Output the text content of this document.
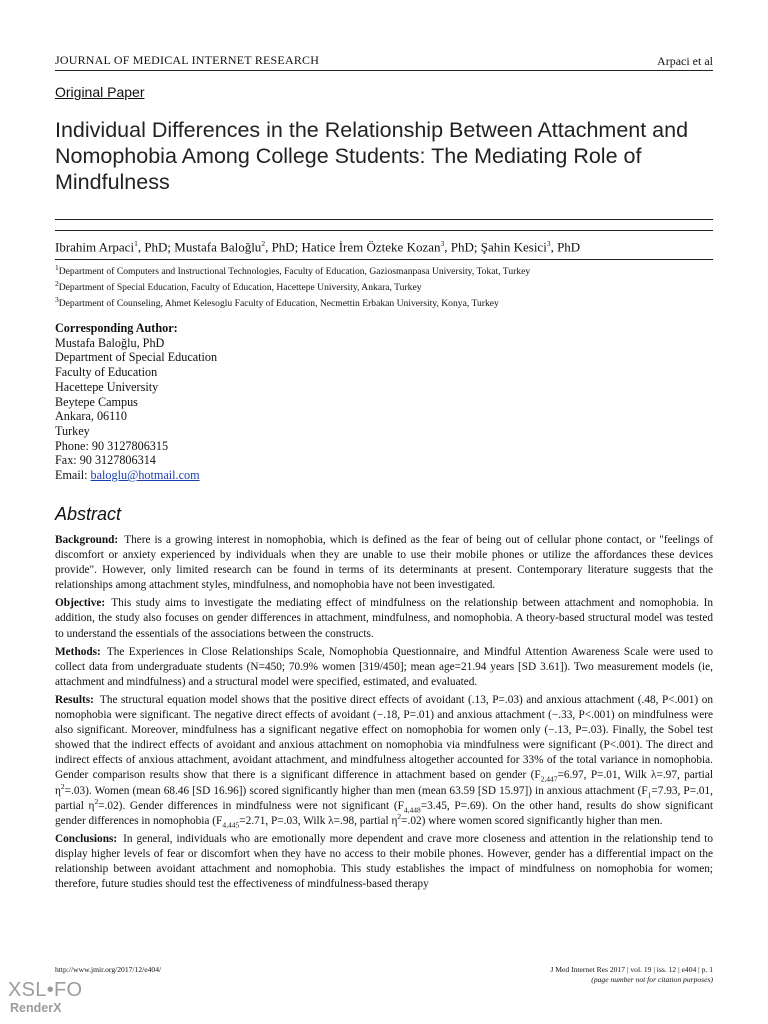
JOURNAL OF MEDICAL INTERNET RESEARCH	Arpaci et al
Original Paper
Individual Differences in the Relationship Between Attachment and Nomophobia Among College Students: The Mediating Role of Mindfulness
Ibrahim Arpaci$^1$, PhD; Mustafa Baloğlu$^2$, PhD; Hatice İrem Özteke Kozan$^3$, PhD; Şahin Kesici$^3$, PhD
$^1$Department of Computers and Instructional Technologies, Faculty of Education, Gaziosmanpasa University, Tokat, Turkey
$^2$Department of Special Education, Faculty of Education, Hacettepe University, Ankara, Turkey
$^3$Department of Counseling, Ahmet Kelesoglu Faculty of Education, Necmettin Erbakan University, Konya, Turkey
Corresponding Author:
Mustafa Baloğlu, PhD
Department of Special Education
Faculty of Education
Hacettepe University
Beytepe Campus
Ankara, 06110
Turkey
Phone: 90 3127806315
Fax: 90 3127806314
Email: baloglu@hotmail.com
Abstract

Background: There is a growing interest in nomophobia, which is defined as the fear of being out of cellular phone contact, or "feelings of discomfort or anxiety experienced by individuals when they are unable to use their mobile phones or utilize the affordances these devices provide". However, only limited research can be found in terms of its determinants at present. Contemporary literature suggests that the relationships among attachment styles, mindfulness, and nomophobia have not been investigated.

Objective: This study aims to investigate the mediating effect of mindfulness on the relationship between attachment and nomophobia. In addition, the study also focuses on gender differences in attachment, mindfulness, and nomophobia. A theory-based structural model was tested to understand the essentials of the associations between the constructs.

Methods: The Experiences in Close Relationships Scale, Nomophobia Questionnaire, and Mindful Attention Awareness Scale were used to collect data from undergraduate students (N=450; 70.9% women [319/450]; mean age=21.94 years [SD 3.61]). Two measurement models (ie, attachment and mindfulness) and a structural model were specified, estimated, and evaluated.

Results: The structural equation model shows that the positive direct effects of avoidant (.13, P=.03) and anxious attachment (.48, P<.001) on nomophobia were significant. The negative direct effects of avoidant (−.18, P=.01) and anxious attachment (−.33, P<.001) on mindfulness were also significant. Moreover, mindfulness has a significant negative effect on nomophobia for women only (−.13, P=.03). Finally, the Sobel test showed that the indirect effects of avoidant and anxious attachment on nomophobia via mindfulness were significant (P<.001). The direct and indirect effects of anxious attachment, avoidant attachment, and mindfulness altogether accounted for 33% of the total variance in nomophobia. Gender comparison results show that there is a significant difference in attachment based on gender ($F_{2,447}=6.97$, P=.01, Wilk λ=.97, partial $\eta^2=.03$). Women (mean 68.46 [SD 16.96]) scored significantly higher than men (mean 63.59 [SD 15.97]) in anxious attachment ($F_1=7.93$, P=.01, partial $\eta^2=.02$). Gender differences in mindfulness were not significant ($F_{4,448}=3.45$, P=.69). On the other hand, results do show significant gender differences in nomophobia ($F_{4,445}=2.71$, P=.03, Wilk λ=.98, partial $\eta^2=.02$) where women scored significantly higher than men.

Conclusions: In general, individuals who are emotionally more dependent and crave more closeness and attention in the relationship tend to display higher levels of fear or discomfort when they have no access to their mobile phones. However, gender has a differential impact on the relationship between avoidant attachment and nomophobia. This study establishes the impact of mindfulness on nomophobia for women; therefore, future studies should test the effectiveness of mindfulness-based therapy

http://www.jmir.org/2017/12/e404/	J Med Internet Res 2017 | vol. 19 | iss. 12 | e404 | p. 1
(page number not for citation purposes)
XSL•FO
RenderX
